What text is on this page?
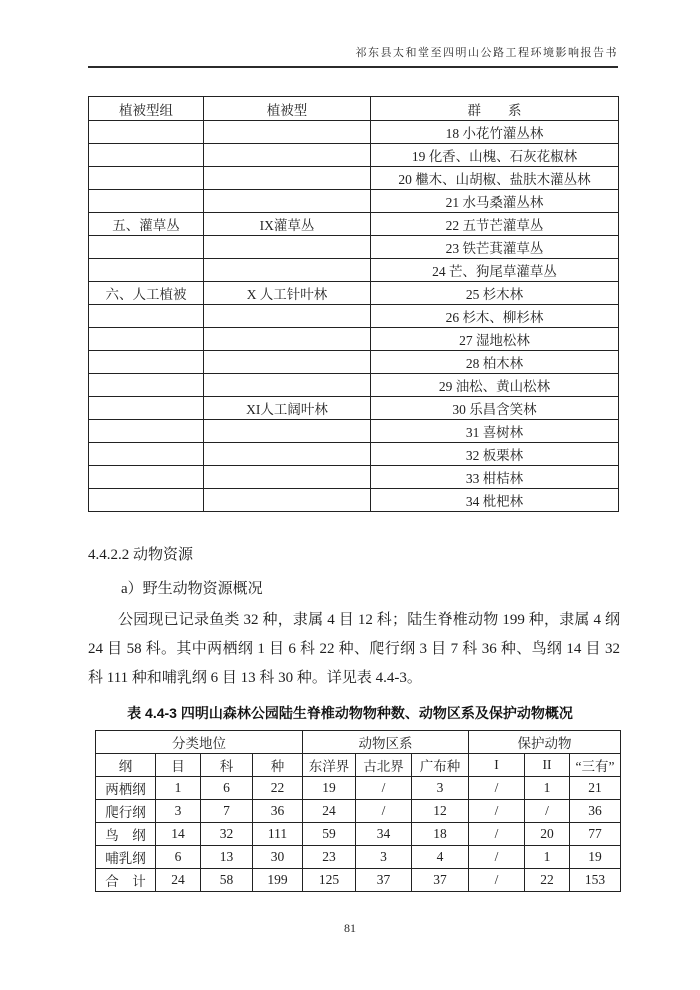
祁东县太和堂至四明山公路工程环境影响报告书
植被型组	植被型	群　　系
		18 小花竹灌丛林
		19 化香、山槐、石灰花椒林
		20 檵木、山胡椒、盐肤木灌丛林
		21 水马桑灌丛林
五、灌草丛	IX灌草丛	22 五节芒灌草丛
		23 铁芒萁灌草丛
		24 芒、狗尾草灌草丛
六、人工植被	X 人工针叶林	25 杉木林
		26 杉木、柳杉林
		27 湿地松林
		28 柏木林
		29 油松、黄山松林
	XI人工阔叶林	30 乐昌含笑林
		31 喜树林
		32 板栗林
		33 柑桔林
		34 枇杷林
4.4.2.2 动物资源
a）野生动物资源概况
公园现已记录鱼类 32 种，隶属 4 目 12 科；陆生脊椎动物 199 种，隶属 4 纲 24 目 58 科。其中两栖纲 1 目 6 科 22 种、爬行纲 3 目 7 科 36 种、鸟纲 14 目 32 科 111 种和哺乳纲 6 目 13 科 30 种。详见表 4.4-3。
表 4.4-3 四明山森林公园陆生脊椎动物物种数、动物区系及保护动物概况
分类地位				动物区系			保护动物		
纲	目	科	种	东洋界	古北界	广布种	I	II	“三有”
两栖纲	1	6	22	19	/	3	/	1	21
爬行纲	3	7	36	24	/	12	/	/	36
鸟　纲	14	32	111	59	34	18	/	20	77
哺乳纲	6	13	30	23	3	4	/	1	19
合　计	24	58	199	125	37	37	/	22	153
81
